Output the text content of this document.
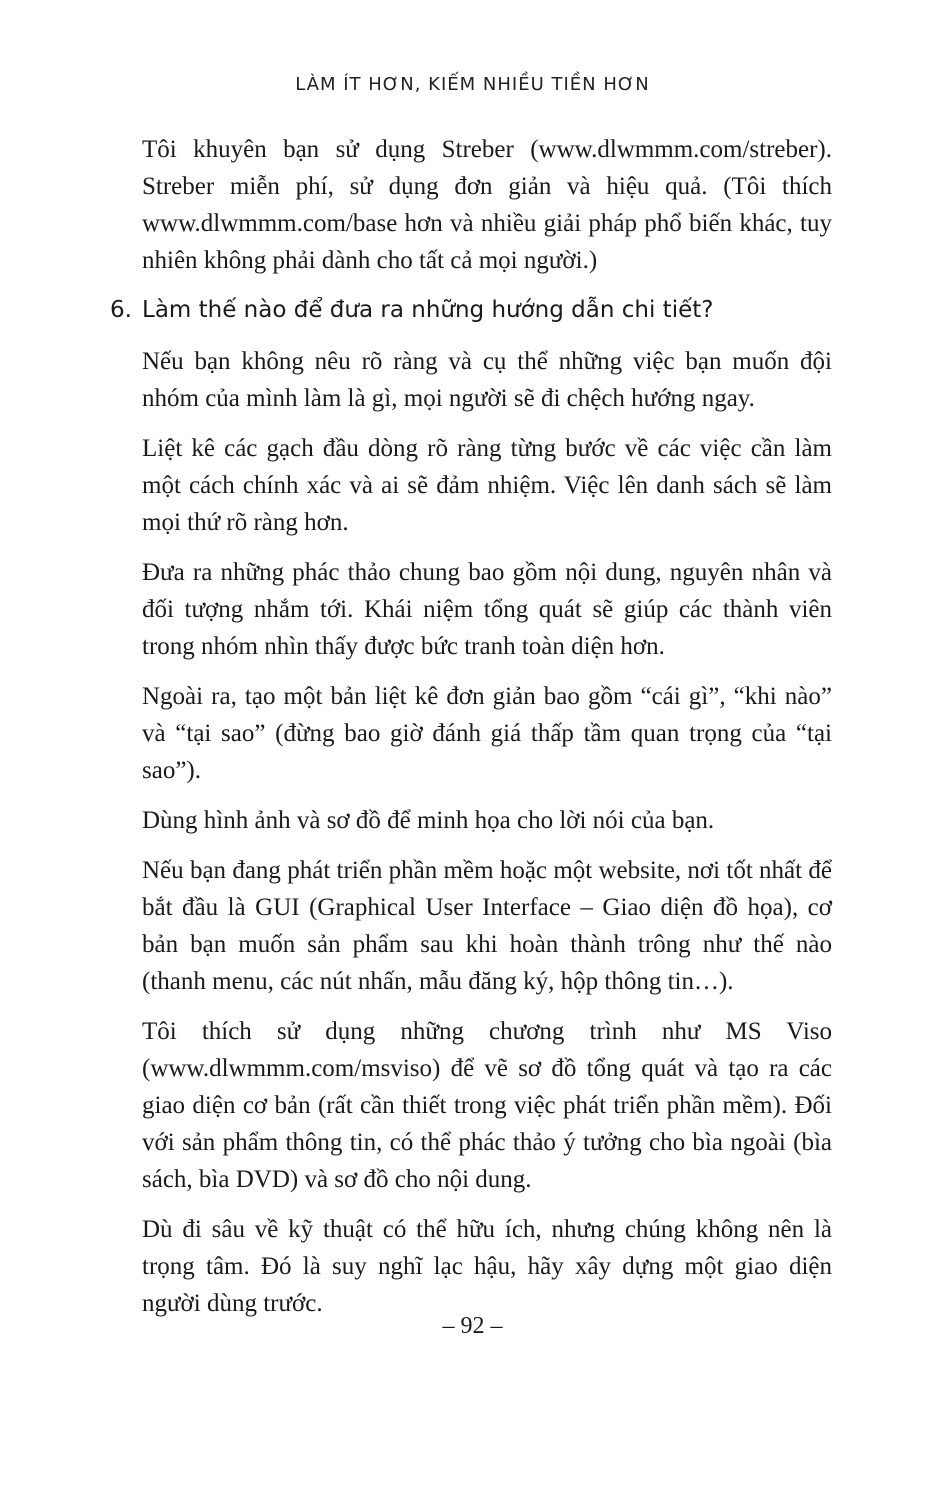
LÀM ÍT HƠN, KIẾM NHIỀU TIỀN HƠN

Tôi khuyên bạn sử dụng Streber (www.dlwmmm.com/streber). Streber miễn phí, sử dụng đơn giản và hiệu quả. (Tôi thích www.dlwmmm.com/base hơn và nhiều giải pháp phổ biến khác, tuy nhiên không phải dành cho tất cả mọi người.)

6. Làm thế nào để đưa ra những hướng dẫn chi tiết?

Nếu bạn không nêu rõ ràng và cụ thể những việc bạn muốn đội nhóm của mình làm là gì, mọi người sẽ đi chệch hướng ngay.

Liệt kê các gạch đầu dòng rõ ràng từng bước về các việc cần làm một cách chính xác và ai sẽ đảm nhiệm. Việc lên danh sách sẽ làm mọi thứ rõ ràng hơn.

Đưa ra những phác thảo chung bao gồm nội dung, nguyên nhân và đối tượng nhắm tới. Khái niệm tổng quát sẽ giúp các thành viên trong nhóm nhìn thấy được bức tranh toàn diện hơn.

Ngoài ra, tạo một bản liệt kê đơn giản bao gồm “cái gì”, “khi nào” và “tại sao” (đừng bao giờ đánh giá thấp tầm quan trọng của “tại sao”).

Dùng hình ảnh và sơ đồ để minh họa cho lời nói của bạn.

Nếu bạn đang phát triển phần mềm hoặc một website, nơi tốt nhất để bắt đầu là GUI (Graphical User Interface – Giao diện đồ họa), cơ bản bạn muốn sản phẩm sau khi hoàn thành trông như thế nào (thanh menu, các nút nhấn, mẫu đăng ký, hộp thông tin…).

Tôi thích sử dụng những chương trình như MS Viso (www.dlwmmm.com/msviso) để vẽ sơ đồ tổng quát và tạo ra các giao diện cơ bản (rất cần thiết trong việc phát triển phần mềm). Đối với sản phẩm thông tin, có thể phác thảo ý tưởng cho bìa ngoài (bìa sách, bìa DVD) và sơ đồ cho nội dung.

Dù đi sâu về kỹ thuật có thể hữu ích, nhưng chúng không nên là trọng tâm. Đó là suy nghĩ lạc hậu, hãy xây dựng một giao diện người dùng trước.

– 92 –
